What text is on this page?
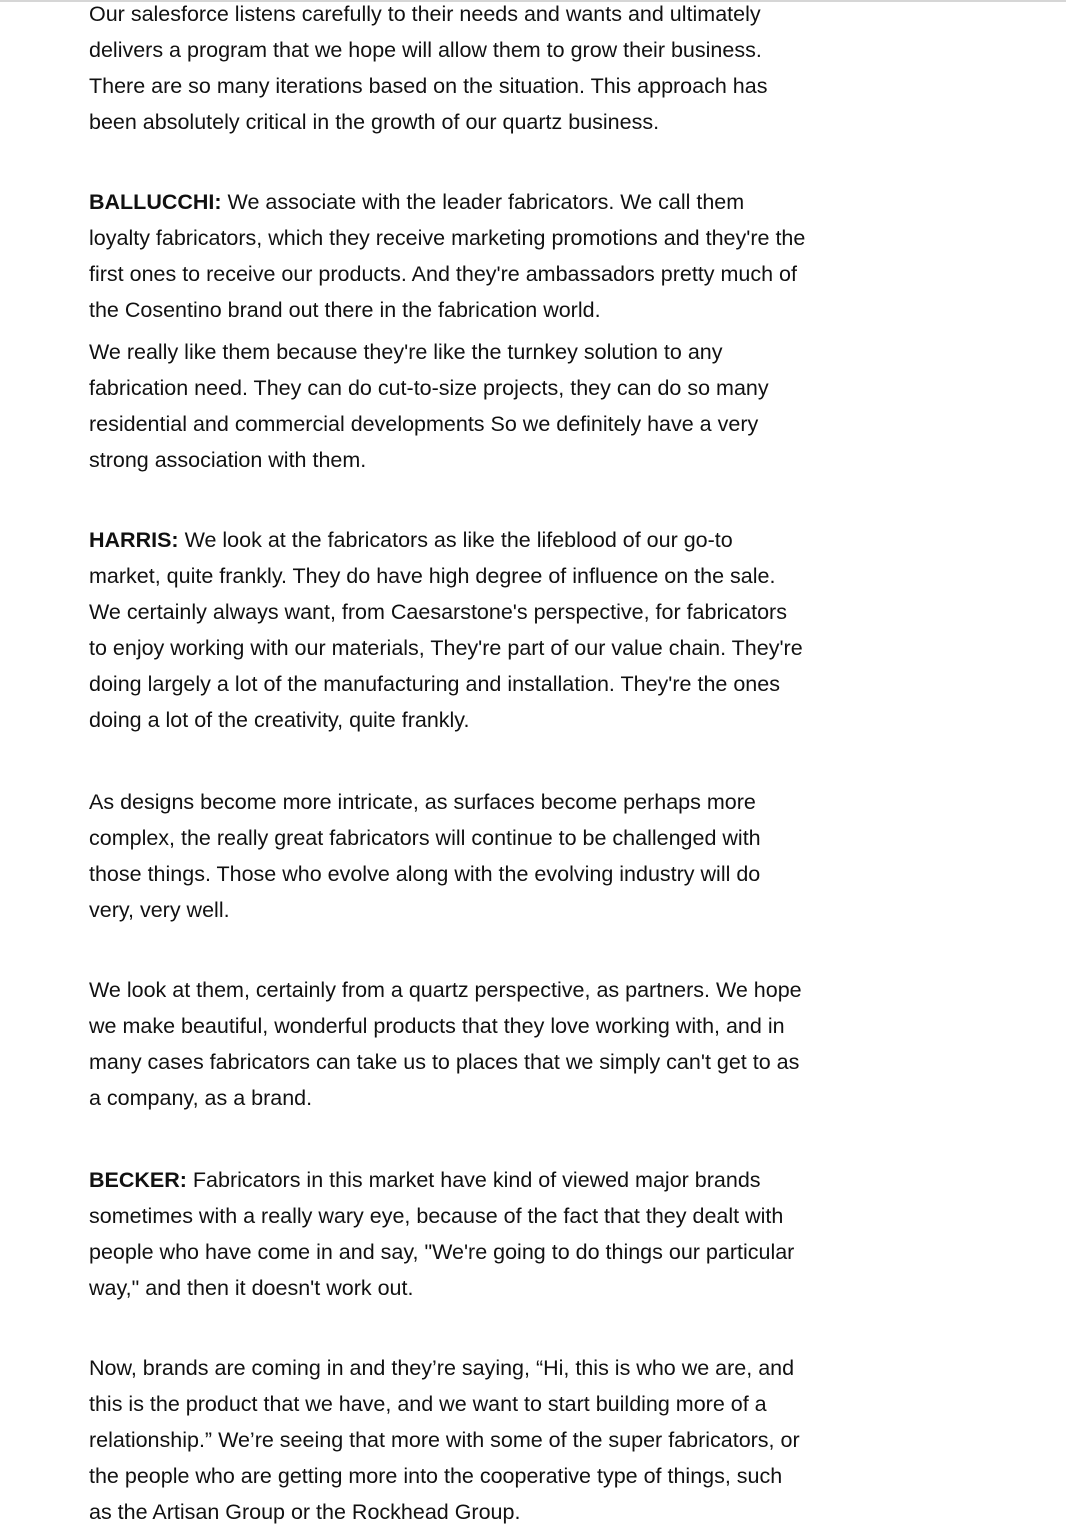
Our salesforce listens carefully to their needs and wants and ultimately delivers a program that we hope will allow them to grow their business. There are so many iterations based on the situation. This approach has been absolutely critical in the growth of our quartz business.

BALLUCCHI: We associate with the leader fabricators. We call them loyalty fabricators, which they receive marketing promotions and they're the first ones to receive our products. And they're ambassadors pretty much of the Cosentino brand out there in the fabrication world.

We really like them because they're like the turnkey solution to any fabrication need. They can do cut-to-size projects, they can do so many residential and commercial developments So we definitely have a very strong association with them.

HARRIS: We look at the fabricators as like the lifeblood of our go-to market, quite frankly. They do have high degree of influence on the sale. We certainly always want, from Caesarstone's perspective, for fabricators to enjoy working with our materials, They're part of our value chain. They're doing largely a lot of the manufacturing and installation. They're the ones doing a lot of the creativity, quite frankly.

As designs become more intricate, as surfaces become perhaps more complex, the really great fabricators will continue to be challenged with those things. Those who evolve along with the evolving industry will do very, very well.

We look at them, certainly from a quartz perspective, as partners. We hope we make beautiful, wonderful products that they love working with, and in many cases fabricators can take us to places that we simply can't get to as a company, as a brand.

BECKER: Fabricators in this market have kind of viewed major brands sometimes with a really wary eye, because of the fact that they dealt with people who have come in and say, "We're going to do things our particular way," and then it doesn't work out.

Now, brands are coming in and they’re saying, “Hi, this is who we are, and this is the product that we have, and we want to start building more of a relationship.” We’re seeing that more with some of the super fabricators, or the people who are getting more into the cooperative type of things, such as the Artisan Group or the Rockhead Group.
